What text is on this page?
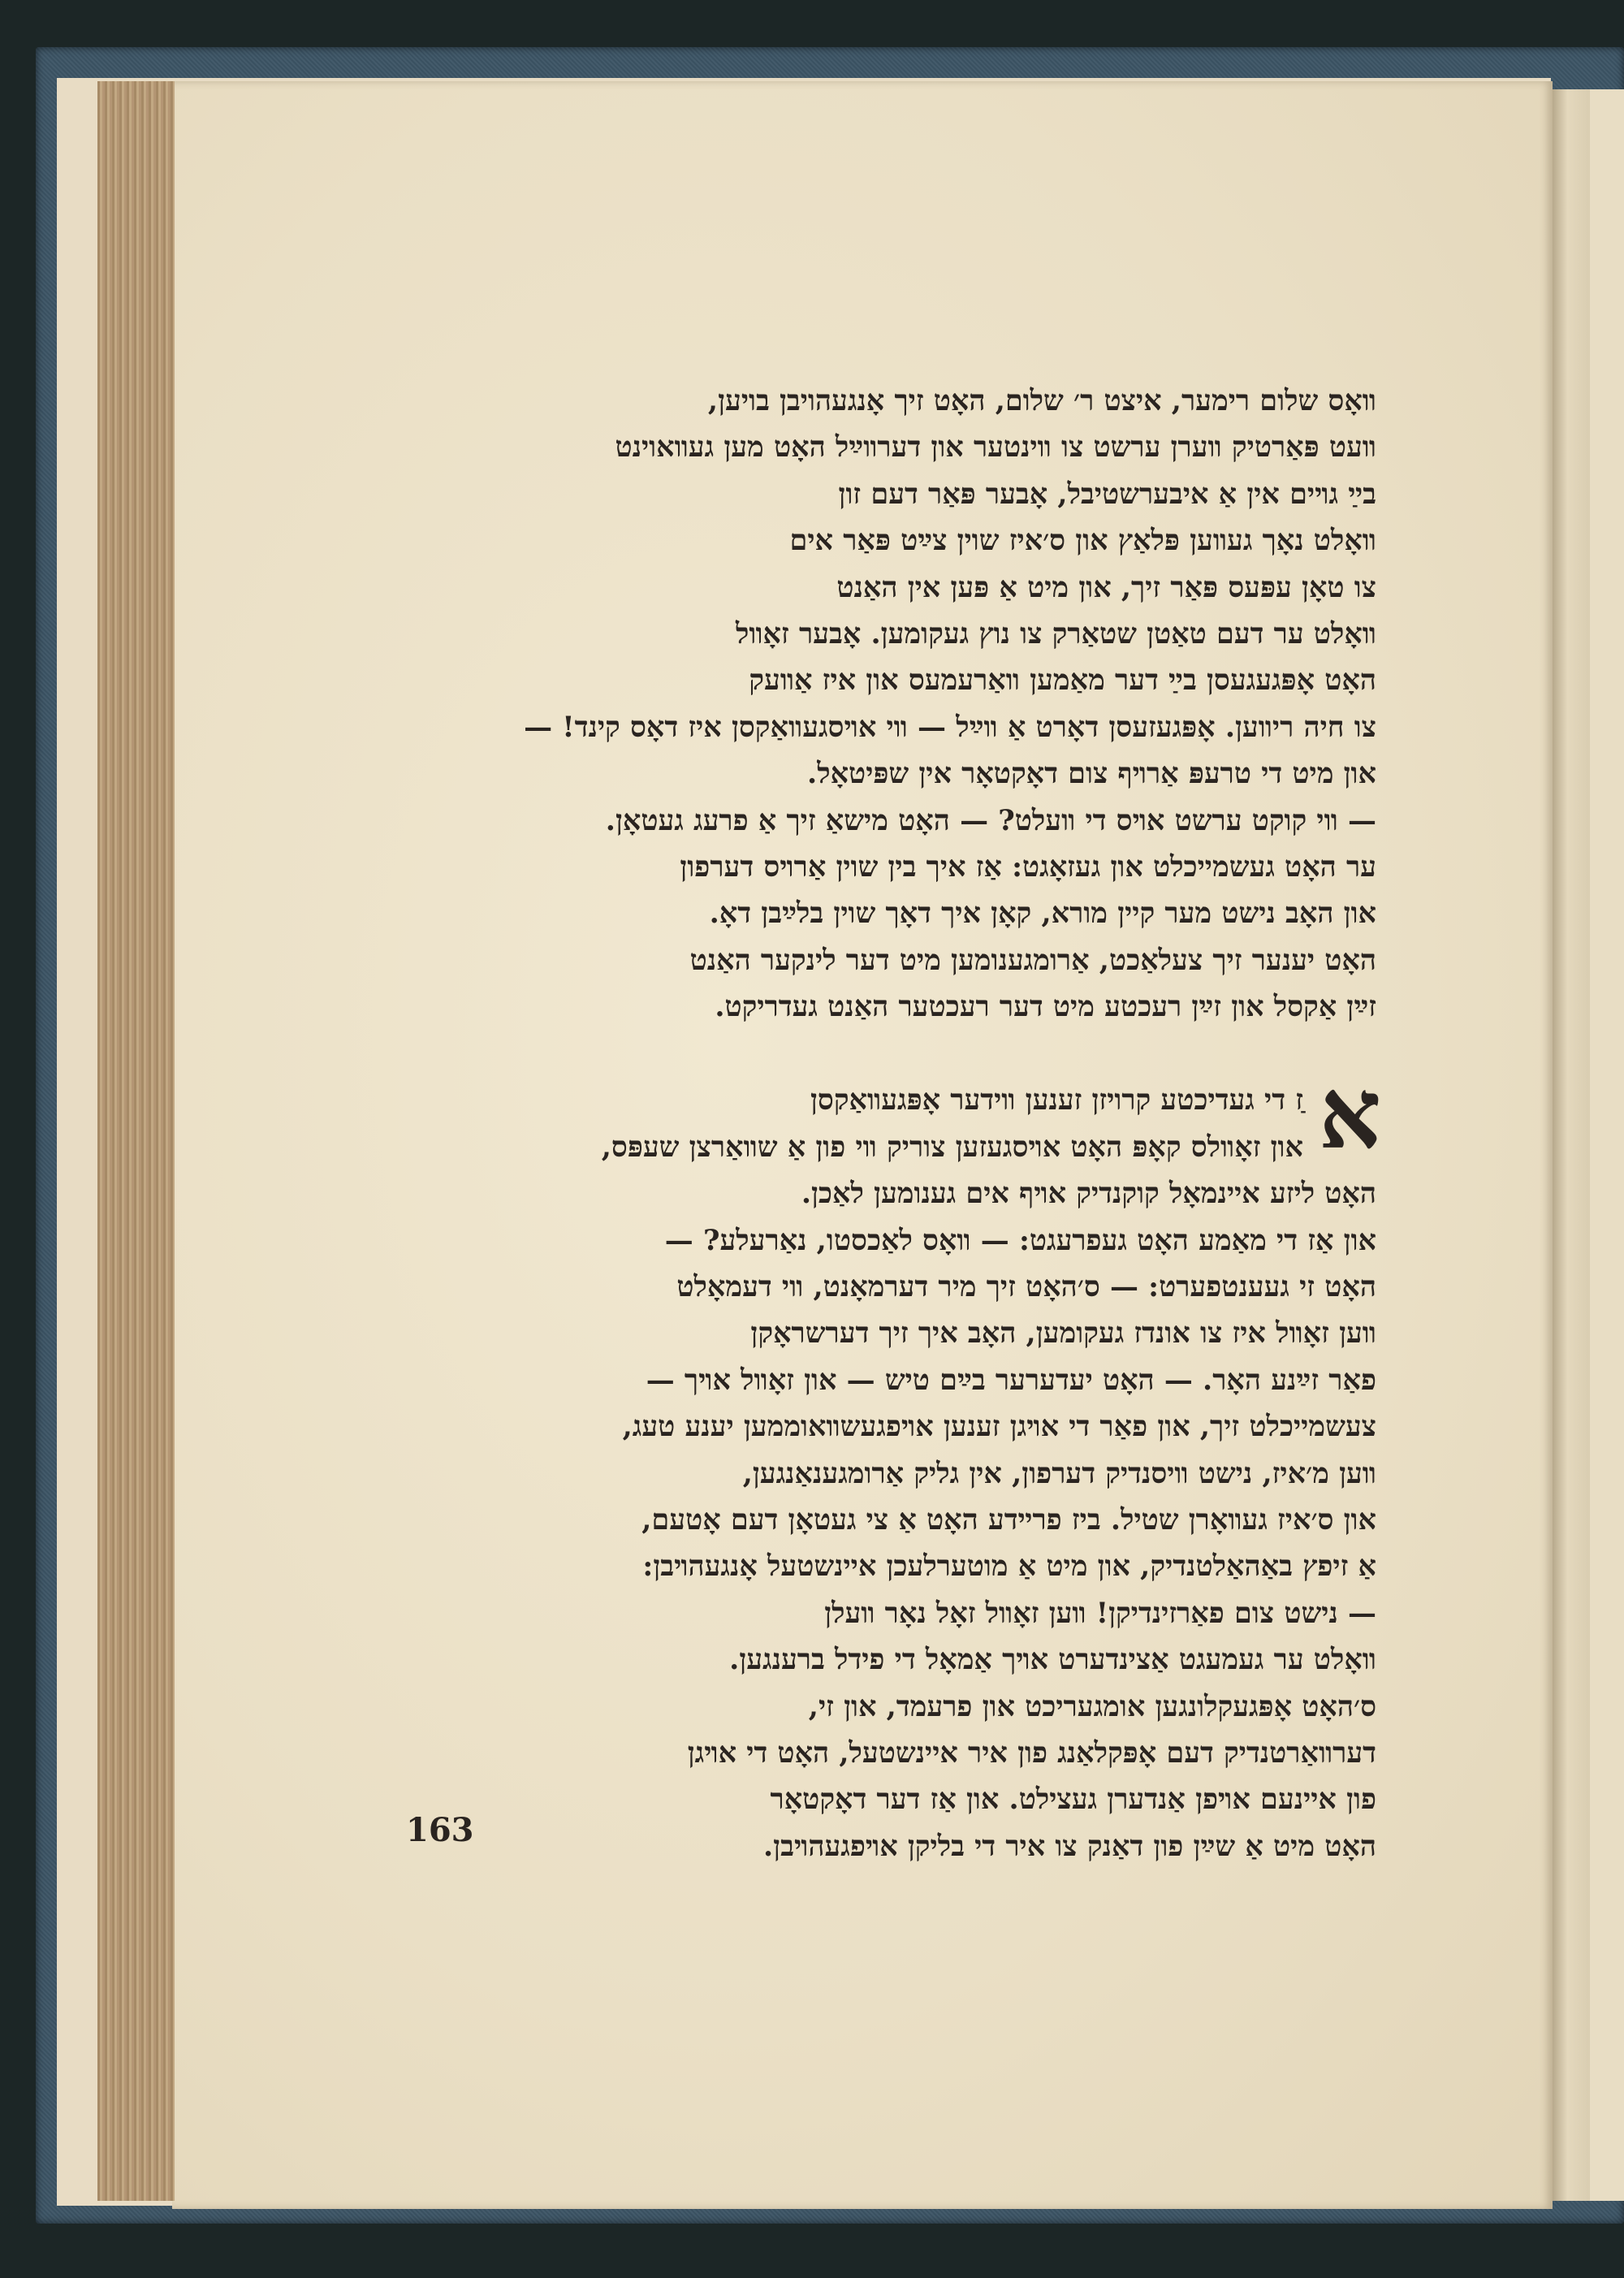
װאָס שלום רימער, איצט ר׳ שלום, האָט זיך אָנגעהויבן בויען,
װעט פּאַרטיק װערן ערשט צו װינטער און דערװײַל האָט מען געװאוינט
בײַ גױים אין אַ איבערשטיבל, אָבער פּאַר דעם זון
װאָלט נאָך געװען פּלאַץ און ס׳איז שוין צײַט פּאַר אים
צו טאָן עפּעס פּאַר זיך, און מיט אַ פּען אין האַנט
װאָלט ער דעם טאַטן שטאַרק צו נוץ געקומען. אָבער זאָװל
האָט אָפּגעגעסן בײַ דער מאַמען װאַרעמעס און איז אַװעק
צו חיה ריװען. אָפּגעזעסן דאָרט אַ װײַל — װי אױסגעװאַקסן איז דאָס קינד! —
און מיט די טרעפּ אַרױף צום דאָקטאָר אין שפּיטאָל.
— װי קוקט ערשט אױס די װעלט? — האָט מישאַ זיך אַ פרעג געטאָן.
ער האָט געשמייכלט און געזאָגט: אַז איך בין שוין אַרױס דערפון
און האָב נישט מער קיין מורא, קאָן איך דאָך שוין בלײַבן דאָ.
האָט יענער זיך צעלאַכט, אַרומגענומען מיט דער לינקער האַנט
זײַן אַקסל און זײַן רעכטע מיט דער רעכטער האַנט געדריקט.
ַז די געדיכטע קרויזן זענען װידער אָפּגעװאַקסן
און זאָװלס קאָפּ האָט אױסגעזען צוריק װי פון אַ שװאַרצן שעפּס,
האָט ליזע איינמאָל קוקנדיק אױף אים גענומען לאַכן.
און אַז די מאַמע האָט געפרעגט: — װאָס לאַכסטו, נאַרעלע? —
האָט זי געענטפערט: — ס׳האָט זיך מיר דערמאָנט, װי דעמאָלט
װען זאָװל איז צו אונדז געקומען, האָב איך זיך דערשראָקן
פאַר זײַנע האָר. — האָט יעדערער בײַם טיש — און זאָװל אױך —
צעשמייכלט זיך, און פאַר די אױגן זענען אױפגעשװאוממען יענע טעג,
װען מ׳איז, נישט װיסנדיק דערפון, אין גליק אַרומגענאַנגען,
און ס׳איז געװאָרן שטיל. ביז פרײדע האָט אַ צי געטאָן דעם אָטעם,
אַ זיפץ באַהאַלטנדיק, און מיט אַ מוטערלעכן איינשטעל אָנגעהױבן:
— נישט צום פאַרזינדיקן! װען זאָװל זאָל נאָר װעלן
װאָלט ער געמעגט אַצינדערט אױך אַמאָל די פידל ברענגען.
ס׳האָט אָפּגעקלונגען אומגעריכט און פרעמד, און זי,
דערװאַרטנדיק דעם אָפּקלאַנג פון איר איינשטעל, האָט די אױגן
פון איינעם אױפן אַנדערן געצילט. און אַז דער דאָקטאָר
האָט מיט אַ שײַן פון דאַנק צו איר די בליקן אױפגעהױבן.
א
163
